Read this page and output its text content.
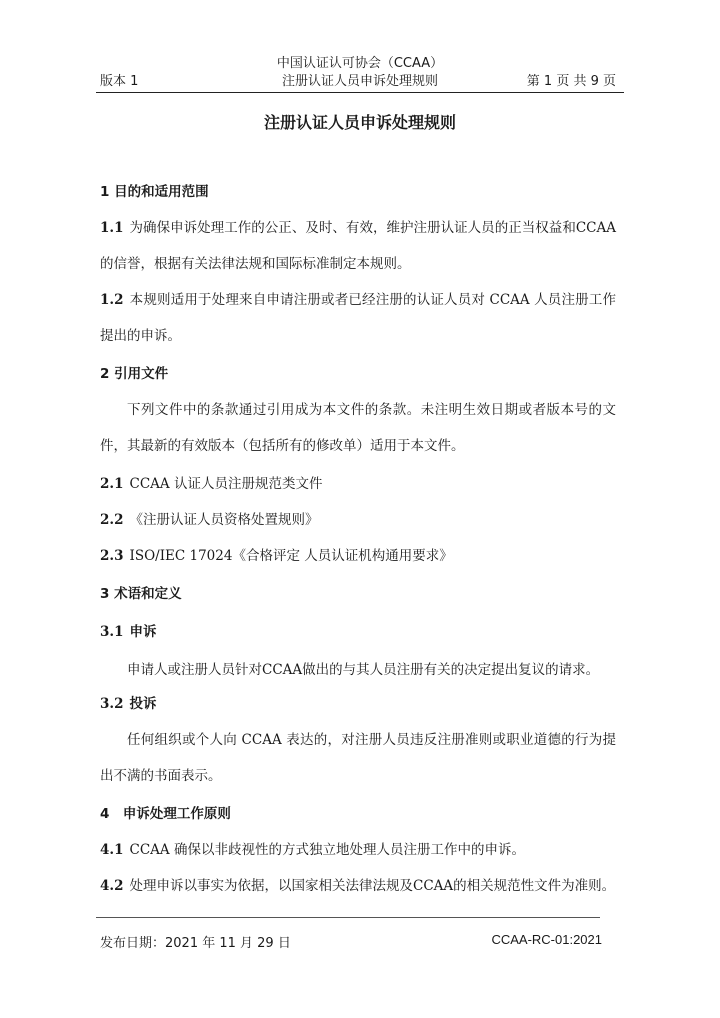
中国认证认可协会（CCAA）
注册认证人员申诉处理规则
版本 1	第 1 页 共 9 页
注册认证人员申诉处理规则
1 目的和适用范围
1.1 为确保申诉处理工作的公正、及时、有效，维护注册认证人员的正当权益和CCAA的信誉，根据有关法律法规和国际标准制定本规则。
1.2 本规则适用于处理来自申请注册或者已经注册的认证人员对 CCAA 人员注册工作提出的申诉。
2 引用文件
下列文件中的条款通过引用成为本文件的条款。未注明生效日期或者版本号的文件，其最新的有效版本（包括所有的修改单）适用于本文件。
2.1 CCAA 认证人员注册规范类文件
2.2 《注册认证人员资格处置规则》
2.3 ISO/IEC 17024《合格评定 人员认证机构通用要求》
3 术语和定义
3.1 申诉
申请人或注册人员针对CCAA做出的与其人员注册有关的决定提出复议的请求。
3.2 投诉
任何组织或个人向 CCAA 表达的，对注册人员违反注册准则或职业道德的行为提出不满的书面表示。
4　申诉处理工作原则
4.1 CCAA 确保以非歧视性的方式独立地处理人员注册工作中的申诉。
4.2 处理申诉以事实为依据，以国家相关法律法规及CCAA的相关规范性文件为准则。
发布日期：2021 年 11 月 29 日	CCAA-RC-01:2021
